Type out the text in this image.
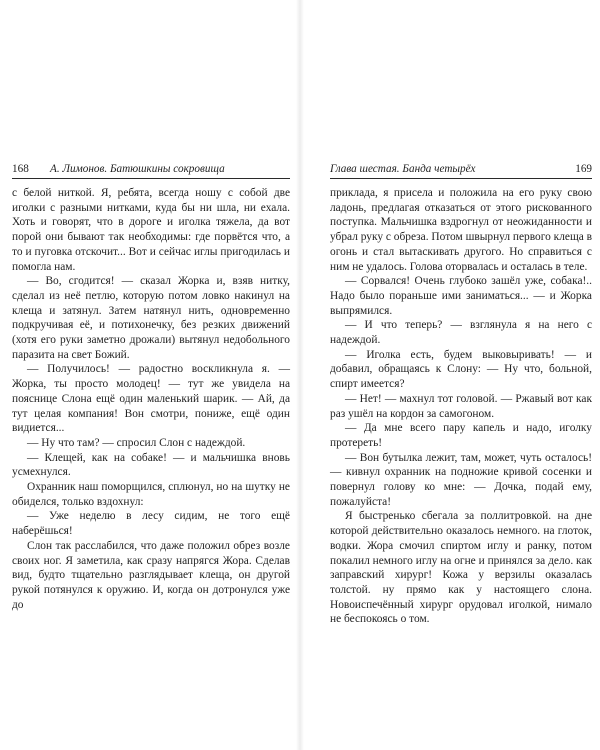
168 А. Лимонов. Батюшкины сокровища

с белой ниткой. Я, ребята, всегда ношу с собой две иголки с разными нитками, куда бы ни шла, ни ехала. Хоть и говорят, что в дороге и иголка тяжела, да вот порой они бывают так необходимы: где порвётся что, а то и пуговка отскочит... Вот и сейчас иглы пригодилась и помогла нам.

— Во, сгодится! — сказал Жорка и, взяв нитку, сделал из неё петлю, которую потом ловко накинул на клеща и затянул. Затем натянул нить, одновременно подкручивая её, и потихонечку, без резких движений (хотя его руки заметно дрожали) вытянул недобольного паразита на свет Божий.

— Получилось! — радостно воскликнула я. — Жорка, ты просто молодец! — тут же увидела на пояснице Слона ещё один маленький шарик. — Ай, да тут целая компания! Вон смотри, пониже, ещё один видиется...

— Ну что там? — спросил Слон с надеждой.

— Клещей, как на собаке! — и мальчишка вновь усмехнулся.

Охранник наш поморщился, сплюнул, но на шутку не обиделся, только вздохнул:

— Уже неделю в лесу сидим, не того ещё наберёшься!

Слон так расслабился, что даже положил обрез возле своих ног. Я заметила, как сразу напрягся Жора. Сделав вид, будто тщательно разглядывает клеща, он другой рукой потянулся к оружию. И, когда он дотронулся уже до

Глава шестая. Банда четырёх	169

приклада, я присела и положила на его руку свою ладонь, предлагая отказаться от этого рискованного поступка. Мальчишка вздрогнул от неожиданности и убрал руку с обреза. Потом швырнул первого клеща в огонь и стал вытаскивать другого. Но справиться с ним не удалось. Голова оторвалась и осталась в теле.

— Сорвался! Очень глубоко зашёл уже, собака!.. Надо было пораньше ими заниматься... — и Жорка выпрямился.

— И что теперь? — взглянула я на него с надеждой.

— Иголка есть, будем выковыривать! — и добавил, обращаясь к Слону: — Ну что, больной, спирт имеется?

— Нет! — махнул тот головой. — Ржавый вот как раз ушёл на кордон за самогоном.

— Да мне всего пару капель и надо, иголку протереть!

— Вон бутылка лежит, там, может, чуть осталось! — кивнул охранник на подножие кривой сосенки и повернул голову ко мне: — Дочка, подай ему, пожалуйста!

Я быстренько сбегала за поллитровкой. на дне которой действительно оказалось немного. на глоток, водки. Жора смочил спиртом иглу и ранку, потом покалил немного иглу на огне и принялся за дело. как заправский хирург! Кожа у верзилы оказалась толстой. ну прямо как у настоящего слона. Новоиспечённый хирург орудовал иголкой, нимало не беспокоясь о том.
